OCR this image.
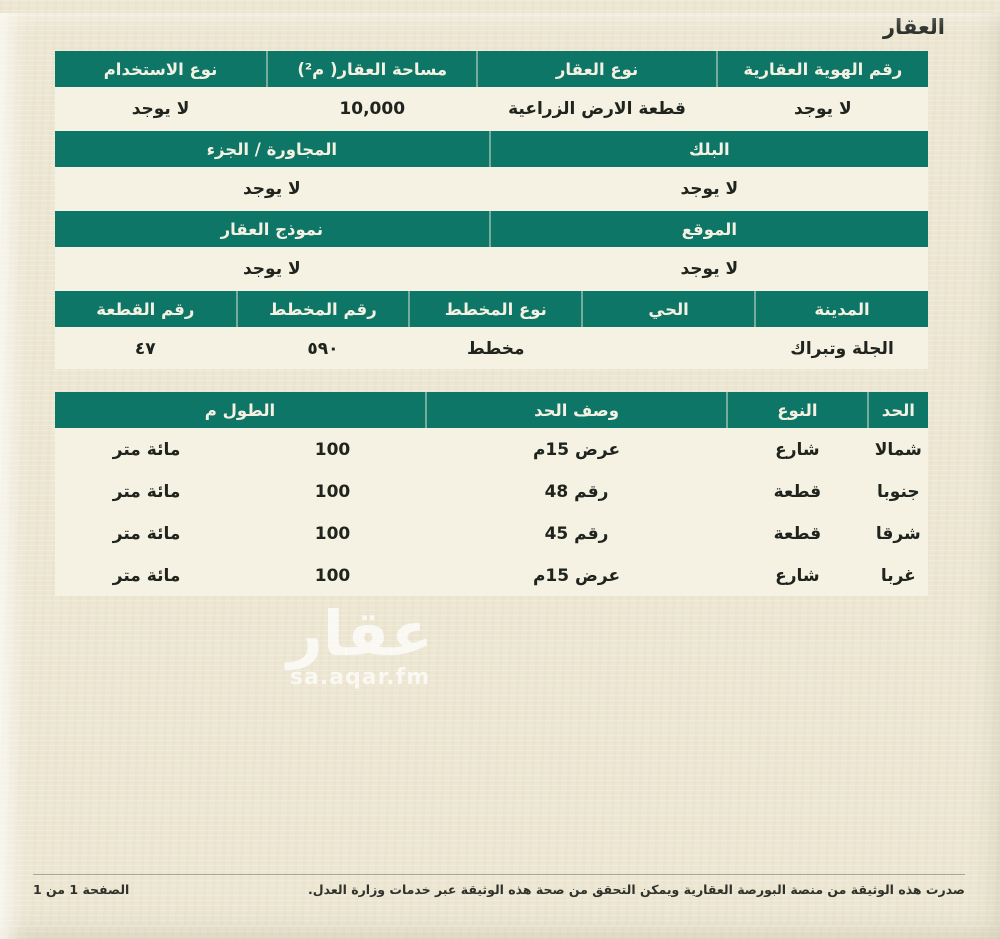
العقار
رقم الهوية العقارية
نوع العقار
مساحة العقار( م²)
نوع الاستخدام
لا يوجد
قطعة الارض الزراعية
10,000
لا يوجد
البلك
المجاورة / الجزء
لا يوجد
لا يوجد
الموقع
نموذج العقار
لا يوجد
لا يوجد
المدينة
الحي
نوع المخطط
رقم المخطط
رقم القطعة
الجلة وتبراك
مخطط
٥٩٠
٤٧
الحد
النوع
وصف الحد
الطول م
شمالا
شارع
عرض 15م
100
مائة متر
جنوبا
قطعة
رقم 48
100
مائة متر
شرقا
قطعة
رقم 45
100
مائة متر
غربا
شارع
عرض 15م
100
مائة متر
عقار
sa.aqar.fm
صدرت هذه الوثيقة من منصة البورصة العقارية ويمكن التحقق من صحة هذه الوثيقة عبر خدمات وزارة العدل.
الصفحة 1 من 1
